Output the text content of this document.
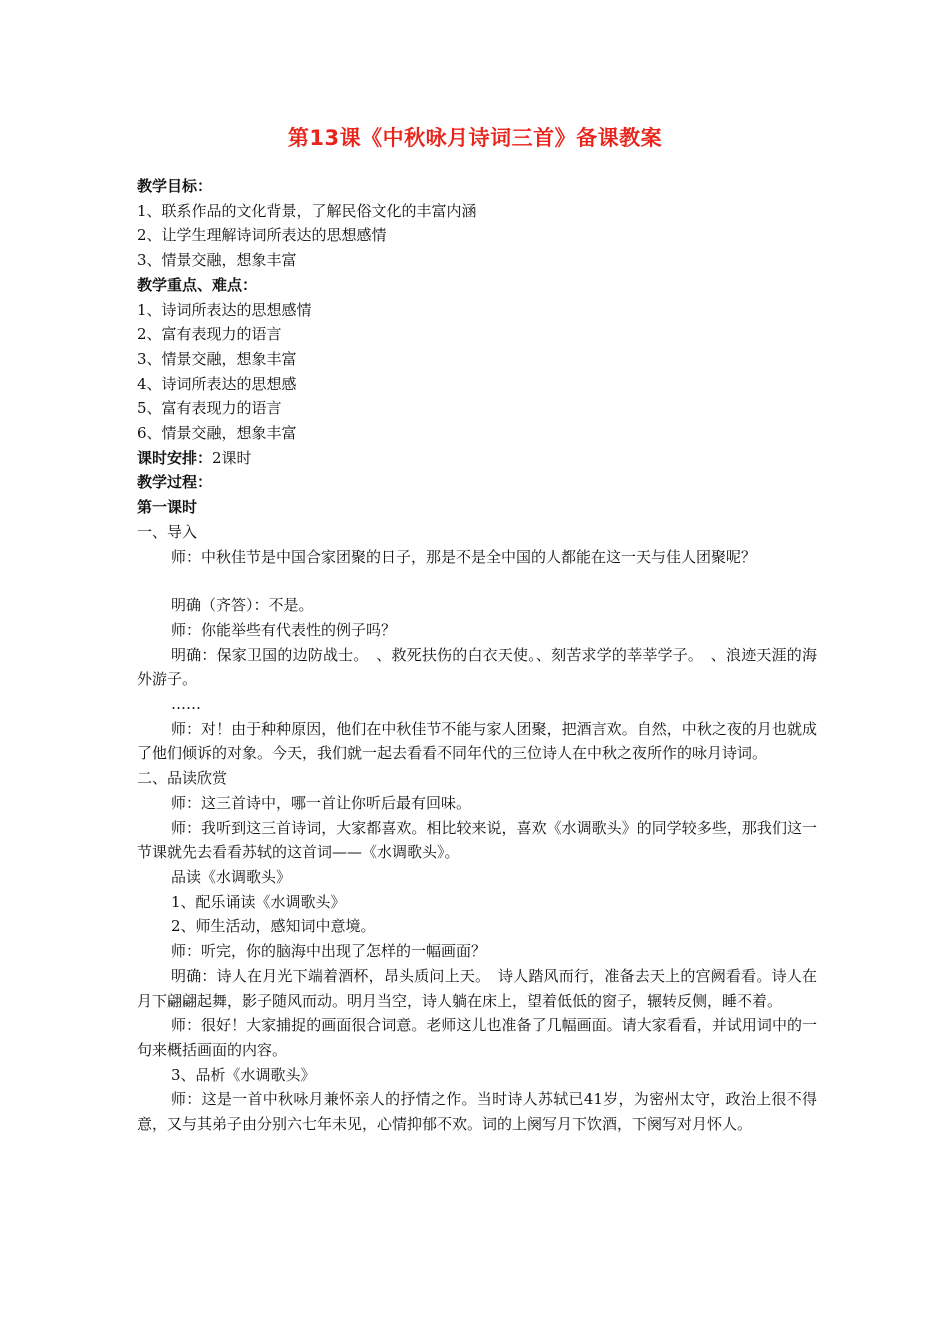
第13课《中秋咏月诗词三首》备课教案

教学目标：

1、联系作品的文化背景，了解民俗文化的丰富内涵

2、让学生理解诗词所表达的思想感情

3、情景交融，想象丰富

教学重点、难点：

1、诗词所表达的思想感情

2、富有表现力的语言

3、情景交融，想象丰富

4、诗词所表达的思想感

5、富有表现力的语言

6、情景交融，想象丰富

课时安排：2课时

教学过程：

第一课时

一、导入

师：中秋佳节是中国合家团聚的日子，那是不是全中国的人都能在这一天与佳人团聚呢？

明确（齐答）：不是。

师：你能举些有代表性的例子吗？

明确：保家卫国的边防战士。　、救死扶伤的白衣天使。、刻苦求学的莘莘学子。　、浪迹天涯的海外游子。

……

师：对！由于种种原因，他们在中秋佳节不能与家人团聚，把酒言欢。自然，中秋之夜的月也就成了他们倾诉的对象。今天，我们就一起去看看不同年代的三位诗人在中秋之夜所作的咏月诗词。

二、品读欣赏

师：这三首诗中，哪一首让你听后最有回味。

师：我听到这三首诗词，大家都喜欢。相比较来说，喜欢《水调歌头》的同学较多些，那我们这一节课就先去看看苏轼的这首词——《水调歌头》。

品读《水调歌头》

1、配乐诵读《水调歌头》

2、师生活动，感知词中意境。

师：听完，你的脑海中出现了怎样的一幅画面？

明确：诗人在月光下端着酒杯，昂头质问上天。　诗人踏风而行，准备去天上的宫阙看看。诗人在月下翩翩起舞，影子随风而动。明月当空，诗人躺在床上，望着低低的窗子，辗转反侧，睡不着。

师：很好！大家捕捉的画面很合词意。老师这儿也准备了几幅画面。请大家看看，并试用词中的一句来概括画面的内容。

3、品析《水调歌头》

师：这是一首中秋咏月兼怀亲人的抒情之作。当时诗人苏轼已41岁，为密州太守，政治上很不得意，又与其弟子由分别六七年未见，心情抑郁不欢。词的上阕写月下饮酒，下阕写对月怀人。
